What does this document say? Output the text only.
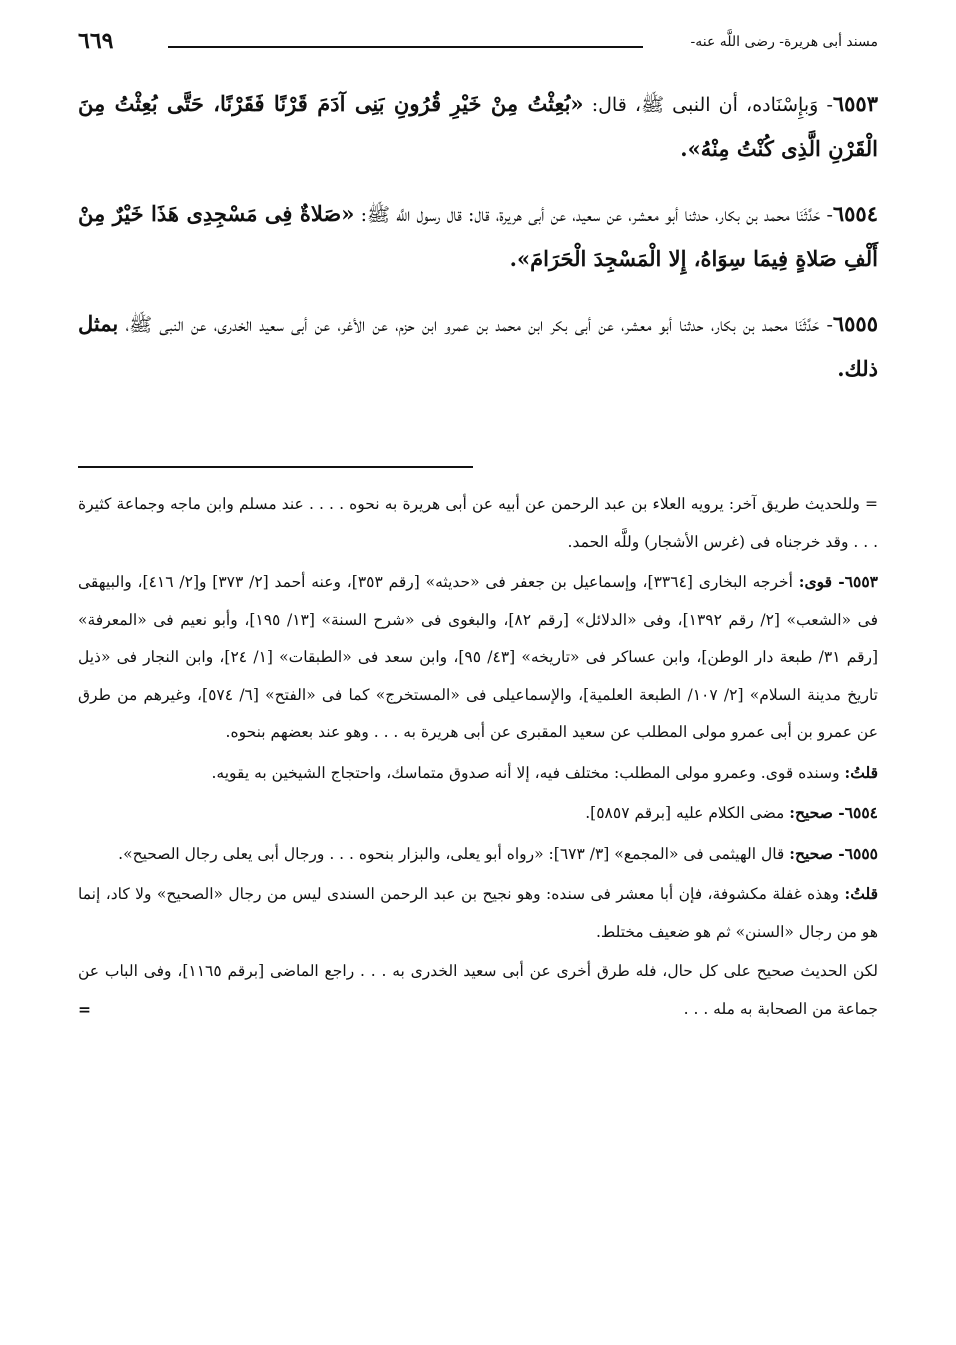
مسند أبى هريرة- رضى اللَّه عنه-
٦٦٩

٦٥٥٣- وَبإِسْنَاده، أن النبى ﷺ، قال: «بُعِثْتُ مِنْ خَيْرِ قُرُونِ بَنِى آدَمَ قَرْنًا فَقَرْنًا، حَتَّى بُعِثْتُ مِنَ الْقَرْنِ الَّذِى كُنْتُ مِنْهُ».

٦٥٥٤- حَدَّثَنَا محمد بن بكار، حدثنا أبو معشر، عن سعيد، عن أبى هريرة، قال: قال رسول اللَّه ﷺ: «صَلاةٌ فِى مَسْجِدِى هَذَا خَيْرٌ مِنْ أَلْفِ صَلاةٍ فِيمَا سِوَاهُ، إِلا الْمَسْجِدَ الْحَرَامَ».

٦٥٥٥- حَدَّثَنَا محمد بن بكار، حدثنا أبو معشر، عن أبى بكر ابن محمد بن عمرو ابن حزم، عن الأغر، عن أبى سعيد الخدرى، عن النبى ﷺ، بمثل ذلك.

= وللحديث طريق آخر: يرويه العلاء بن عبد الرحمن عن أبيه عن أبى هريرة به نحوه . . . . عند مسلم وابن ماجه وجماعة كثيرة . . . وقد خرجناه فى (غرس الأشجار) وللَّه الحمد.

٦٥٥٣- قوى: أخرجه البخارى [٣٣٦٤]، وإسماعيل بن جعفر فى «حديثه» [رقم ٣٥٣]، وعنه أحمد [٢/ ٣٧٣] و[٢/ ٤١٦]، والبيهقى فى «الشعب» [٢/ رقم ١٣٩٢]، وفى «الدلائل» [رقم ٨٢]، والبغوى فى «شرح السنة» [١٣/ ١٩٥]، وأبو نعيم فى «المعرفة» [رقم ٣١/ طبعة دار الوطن]، وابن عساكر فى «تاريخه» [٤٣/ ٩٥]، وابن سعد فى «الطبقات» [١/ ٢٤]، وابن النجار فى «ذيل تاريخ مدينة السلام» [٢/ ١٠٧/ الطبعة العلمية]، والإسماعيلى فى «المستخرج» كما فى «الفتح» [٦/ ٥٧٤]، وغيرهم من طرق عن عمرو بن أبى عمرو مولى المطلب عن سعيد المقبرى عن أبى هريرة به . . . وهو عند بعضهم بنحوه.

قلتُ: وسنده قوى. وعمرو مولى المطلب: مختلف فيه، إلا أنه صدوق متماسك، واحتجاج الشيخين به يقويه.

٦٥٥٤- صحيح: مضى الكلام عليه [برقم ٥٨٥٧].

٦٥٥٥- صحيح: قال الهيثمى فى «المجمع» [٣/ ٦٧٣]: «رواه أبو يعلى، والبزار بنحوه . . . ورجال أبى يعلى رجال الصحيح».

قلتُ: وهذه غفلة مكشوفة، فإن أبا معشر فى سنده: وهو نجيح بن عبد الرحمن السندى ليس من رجال «الصحيح» ولا كاد، إنما هو من رجال «السنن» ثم هو ضعيف مختلط.

لكن الحديث صحيح على كل حال، فله طرق أخرى عن أبى سعيد الخدرى به . . . راجع الماضى [برقم ١١٦٥]، وفى الباب عن جماعة من الصحابة به مله . . .
=
